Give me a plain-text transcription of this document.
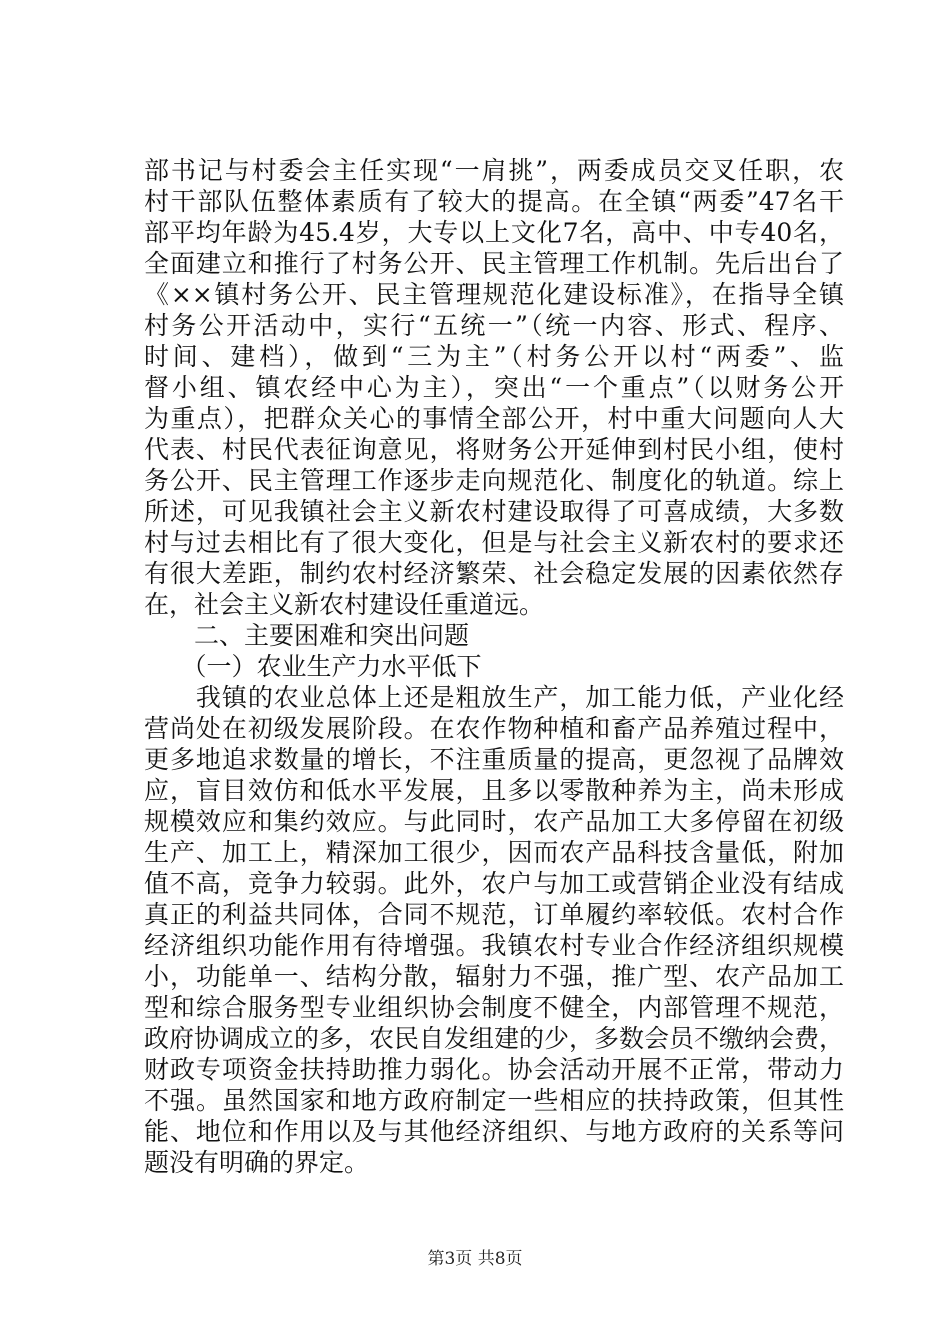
部书记与村委会主任实现“一肩挑”，两委成员交叉任职，农
村干部队伍整体素质有了较大的提高。在全镇“两委”47名干
部平均年龄为45.4岁，大专以上文化7名，高中、中专40名，
全面建立和推行了村务公开、民主管理工作机制。先后出台了
《××镇村务公开、民主管理规范化建设标准》，在指导全镇
村务公开活动中，实行“五统一”（统一内容、形式、程序、
时间、建档），做到“三为主”（村务公开以村“两委”、监
督小组、镇农经中心为主），突出“一个重点”（以财务公开
为重点），把群众关心的事情全部公开，村中重大问题向人大
代表、村民代表征询意见，将财务公开延伸到村民小组，使村
务公开、民主管理工作逐步走向规范化、制度化的轨道。综上
所述，可见我镇社会主义新农村建设取得了可喜成绩，大多数
村与过去相比有了很大变化，但是与社会主义新农村的要求还
有很大差距，制约农村经济繁荣、社会稳定发展的因素依然存
在，社会主义新农村建设任重道远。
　　二、主要困难和突出问题
　　（一）农业生产力水平低下
　　我镇的农业总体上还是粗放生产，加工能力低，产业化经
营尚处在初级发展阶段。在农作物种植和畜产品养殖过程中，
更多地追求数量的增长，不注重质量的提高，更忽视了品牌效
应，盲目效仿和低水平发展，且多以零散种养为主，尚未形成
规模效应和集约效应。与此同时，农产品加工大多停留在初级
生产、加工上，精深加工很少，因而农产品科技含量低，附加
值不高，竞争力较弱。此外，农户与加工或营销企业没有结成
真正的利益共同体，合同不规范，订单履约率较低。农村合作
经济组织功能作用有待增强。我镇农村专业合作经济组织规模
小，功能单一、结构分散，辐射力不强，推广型、农产品加工
型和综合服务型专业组织协会制度不健全，内部管理不规范，
政府协调成立的多，农民自发组建的少，多数会员不缴纳会费，
财政专项资金扶持助推力弱化。协会活动开展不正常，带动力
不强。虽然国家和地方政府制定一些相应的扶持政策，但其性
能、地位和作用以及与其他经济组织、与地方政府的关系等问
题没有明确的界定。
第3页 共8页
